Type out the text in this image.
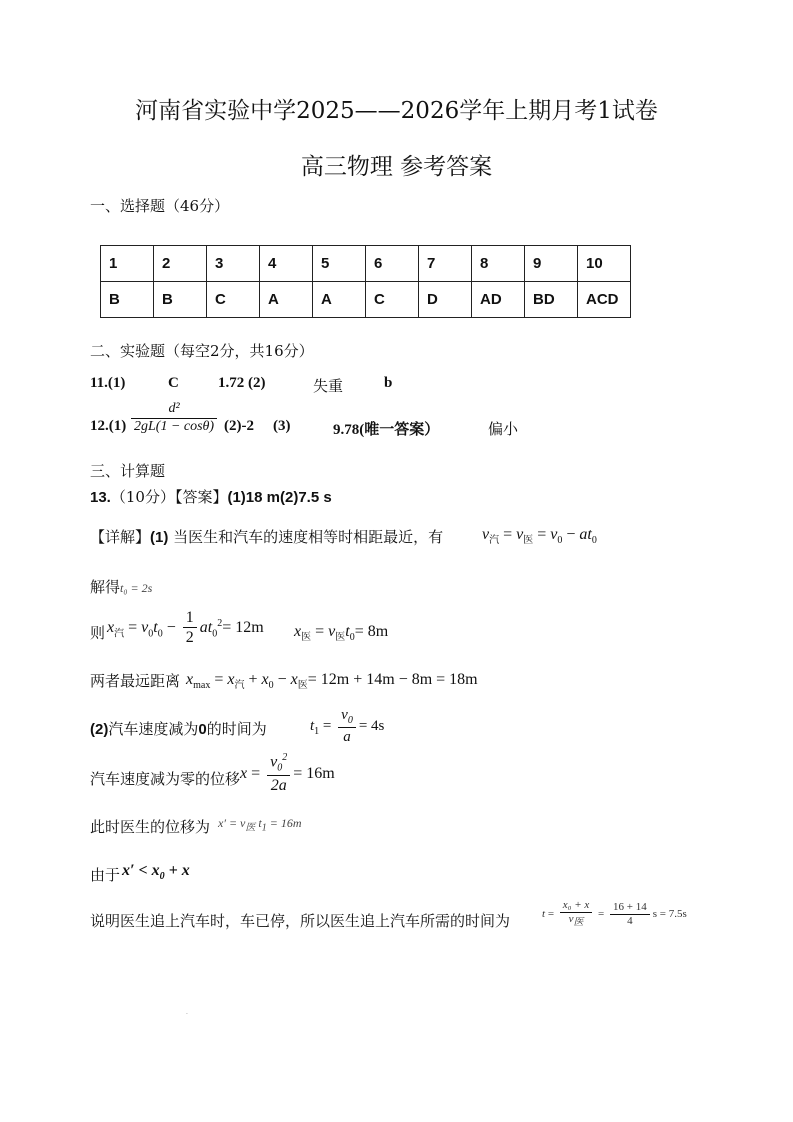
河南省实验中学2025——2026学年上期月考1试卷
高三物理 参考答案
一、选择题（46分）
1	2	3	4	5	6	7	8	9	10
B	B	C	A	A	C	D	AD	BD	ACD
二、实验题（每空2分，共16分）
11.(1)	C	1.72 (2)	失重	b
$12.(1) \frac{\text{d²}}{2gL(1 - \cos\theta)} (2)-2$ (3)	9.78(唯一答案）	偏小
三、计算题
13.（10分）【答案】(1)18 m(2)7.5 s
【详解】(1) 当医生和汽车的速度相等时相距最近，有 $v_汽 = v_医 = v_0 - at_0$
解得t₀ = 2s
则 $x_汽 = v_0t_0 - \frac{1}{2} at_0^2= 12m$ $x_医 = v_医t_0= 8m$
两者最远距离 $x_{max} = x_汽 + x_0 - x_医= 12m + 14m - 8m = 18m$
(2)汽车速度减为0的时间为	$t_1 = \frac{v_0}{a} = 4s$
汽车速度减为零的位移 $x = \frac{v_0^2}{2a} = 16m$
此时医生的位移为 $x' = v_医$ $t_1 = 16m$
由于 $x' < x_0 + x$
说明医生追上汽车时，车已停，所以医生追上汽车所需的时间为	$t = \frac{\text{x₀ + x}}{v_医} = \frac{16 + 14}{4}$ s = 7.5s
·
